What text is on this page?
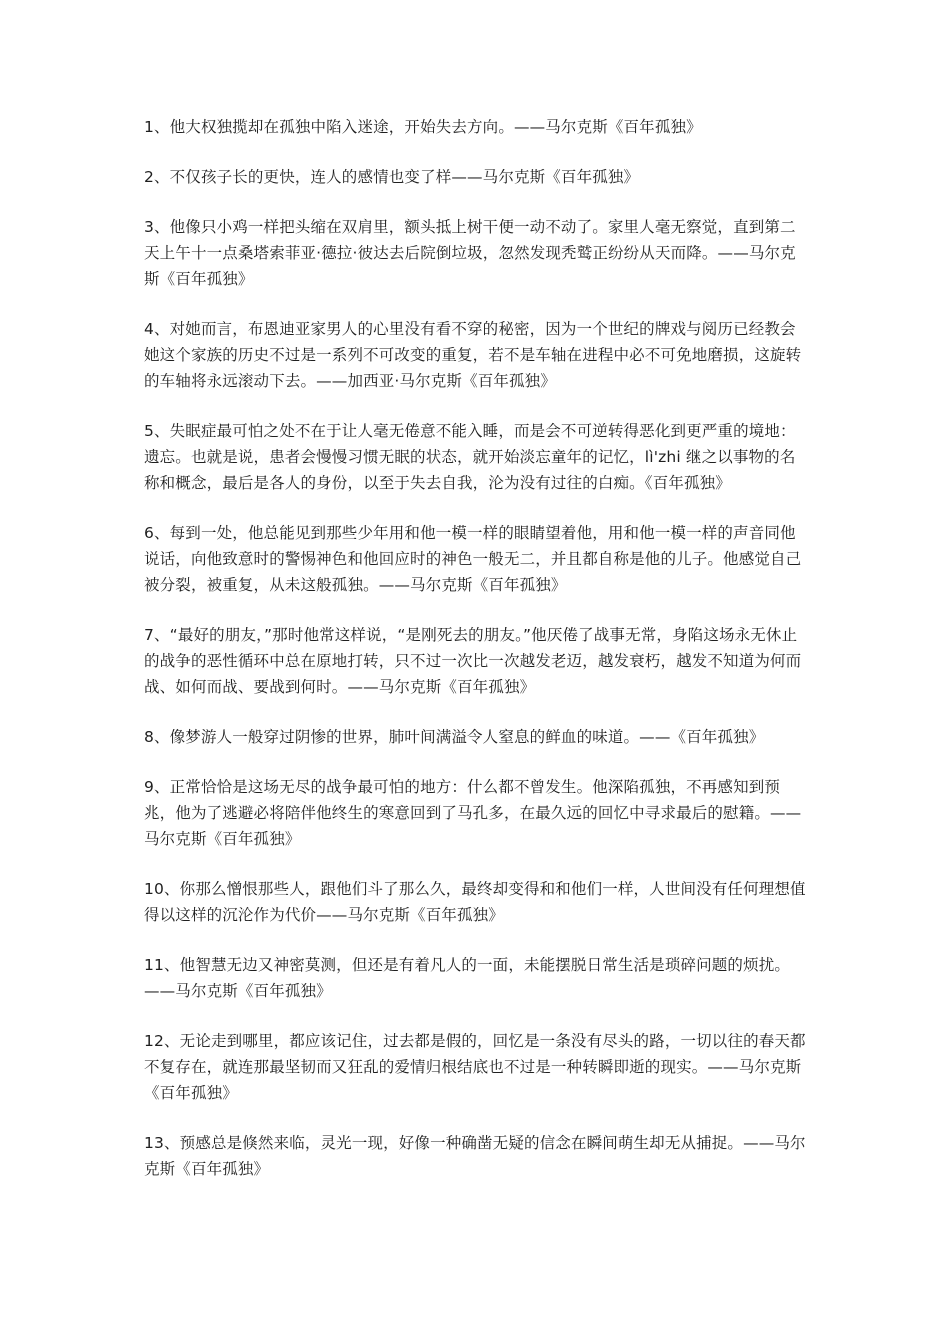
1、他大权独揽却在孤独中陷入迷途，开始失去方向。——马尔克斯《百年孤独》

2、不仅孩子长的更快，连人的感情也变了样——马尔克斯《百年孤独》

3、他像只小鸡一样把头缩在双肩里，额头抵上树干便一动不动了。家里人毫无察觉，直到第二天上午十一点桑塔索菲亚·德拉·彼达去后院倒垃圾，忽然发现秃鹫正纷纷从天而降。——马尔克斯《百年孤独》

4、对她而言，布恩迪亚家男人的心里没有看不穿的秘密，因为一个世纪的牌戏与阅历已经教会她这个家族的历史不过是一系列不可改变的重复，若不是车轴在进程中必不可免地磨损，这旋转的车轴将永远滚动下去。——加西亚·马尔克斯《百年孤独》

5、失眠症最可怕之处不在于让人毫无倦意不能入睡，而是会不可逆转得恶化到更严重的境地：遗忘。也就是说，患者会慢慢习惯无眠的状态，就开始淡忘童年的记忆，lì'zhi 继之以事物的名称和概念，最后是各人的身份，以至于失去自我，沦为没有过往的白痴。《百年孤独》

6、每到一处，他总能见到那些少年用和他一模一样的眼睛望着他，用和他一模一样的声音同他说话，向他致意时的警惕神色和他回应时的神色一般无二，并且都自称是他的儿子。他感觉自己被分裂，被重复，从未这般孤独。——马尔克斯《百年孤独》

7、“最好的朋友，”那时他常这样说，“是刚死去的朋友。”他厌倦了战事无常，身陷这场永无休止的战争的恶性循环中总在原地打转，只不过一次比一次越发老迈，越发衰朽，越发不知道为何而战、如何而战、要战到何时。——马尔克斯《百年孤独》

8、像梦游人一般穿过阴惨的世界，肺叶间满溢令人窒息的鲜血的味道。——《百年孤独》

9、正常恰恰是这场无尽的战争最可怕的地方：什么都不曾发生。他深陷孤独，不再感知到预兆，他为了逃避必将陪伴他终生的寒意回到了马孔多，在最久远的回忆中寻求最后的慰籍。——马尔克斯《百年孤独》

10、你那么憎恨那些人，跟他们斗了那么久，最终却变得和和他们一样，人世间没有任何理想值得以这样的沉沦作为代价——马尔克斯《百年孤独》

11、他智慧无边又神密莫测，但还是有着凡人的一面，未能摆脱日常生活是琐碎问题的烦扰。——马尔克斯《百年孤独》

12、无论走到哪里，都应该记住，过去都是假的，回忆是一条没有尽头的路，一切以往的春天都不复存在，就连那最坚韧而又狂乱的爱情归根结底也不过是一种转瞬即逝的现实。——马尔克斯《百年孤独》

13、预感总是倏然来临，灵光一现，好像一种确凿无疑的信念在瞬间萌生却无从捕捉。——马尔克斯《百年孤独》
